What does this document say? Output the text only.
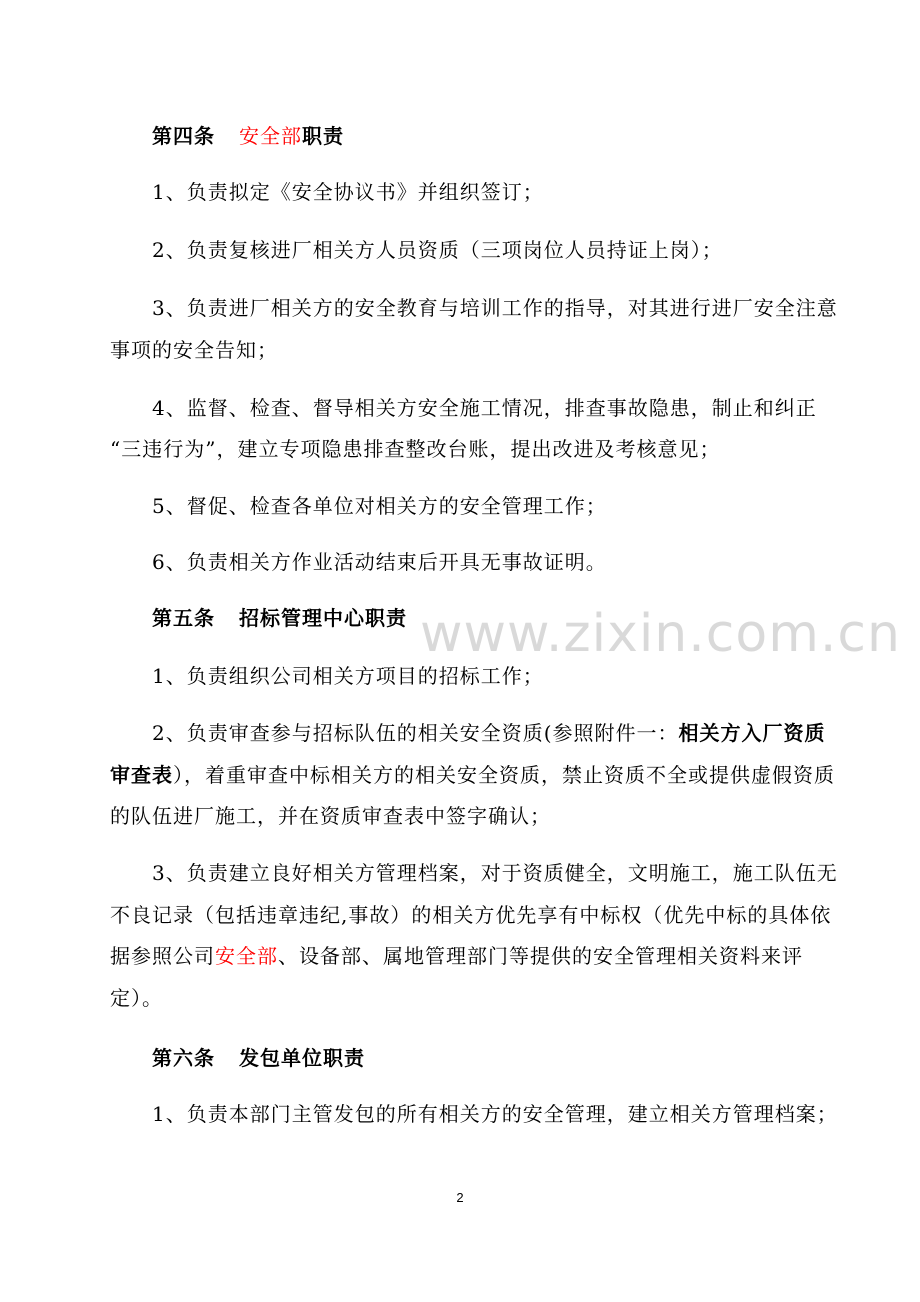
www.zixin.com.cn
第四条 安全部职责
1、负责拟定《安全协议书》并组织签订；
2、负责复核进厂相关方人员资质（三项岗位人员持证上岗）；
3、负责进厂相关方的安全教育与培训工作的指导，对其进行进厂安全注意
事项的安全告知；
4、监督、检查、督导相关方安全施工情况，排查事故隐患，制止和纠正
“三违行为”，建立专项隐患排查整改台账，提出改进及考核意见；
5、督促、检查各单位对相关方的安全管理工作；
6、负责相关方作业活动结束后开具无事故证明。
第五条 招标管理中心职责
1、负责组织公司相关方项目的招标工作；
2、负责审查参与招标队伍的相关安全资质(参照附件一：相关方入厂资质
审查表），着重审查中标相关方的相关安全资质，禁止资质不全或提供虚假资质
的队伍进厂施工，并在资质审查表中签字确认；
3、负责建立良好相关方管理档案，对于资质健全，文明施工，施工队伍无
不良记录（包括违章违纪,事故）的相关方优先享有中标权（优先中标的具体依
据参照公司安全部、设备部、属地管理部门等提供的安全管理相关资料来评
定）。
第六条 发包单位职责
1、负责本部门主管发包的所有相关方的安全管理，建立相关方管理档案；
2
